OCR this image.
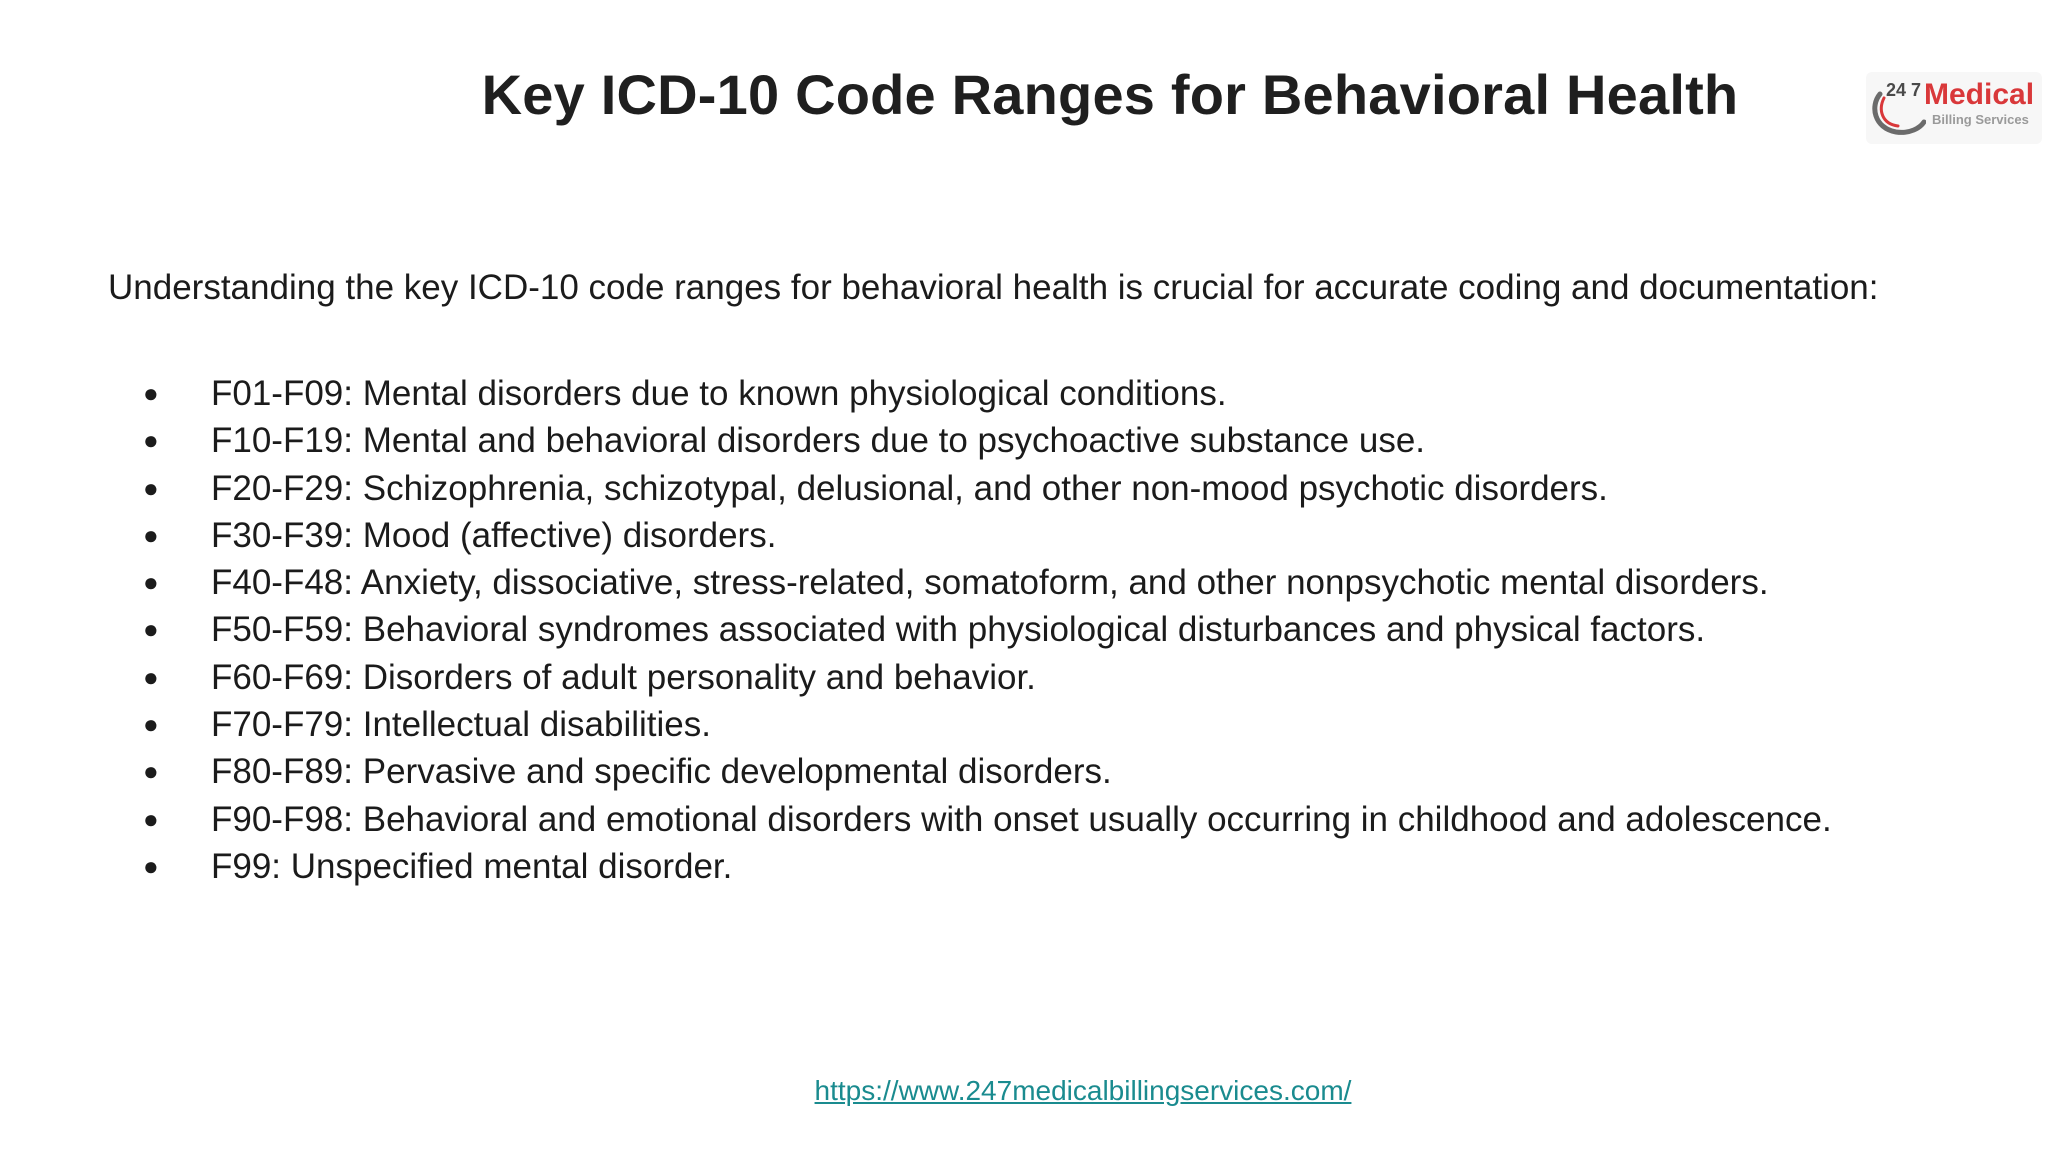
Key ICD-10 Code Ranges for Behavioral Health	24 7 Medical
Billing Services

Understanding the key ICD-10 code ranges for behavioral health is crucial for accurate coding and documentation:

● F01-F09: Mental disorders due to known physiological conditions.
● F10-F19: Mental and behavioral disorders due to psychoactive substance use.
● F20-F29: Schizophrenia, schizotypal, delusional, and other non-mood psychotic disorders.
● F30-F39: Mood (affective) disorders.
● F40-F48: Anxiety, dissociative, stress-related, somatoform, and other nonpsychotic mental disorders.
● F50-F59: Behavioral syndromes associated with physiological disturbances and physical factors.
● F60-F69: Disorders of adult personality and behavior.
● F70-F79: Intellectual disabilities.
● F80-F89: Pervasive and specific developmental disorders.
● F90-F98: Behavioral and emotional disorders with onset usually occurring in childhood and adolescence.
● F99: Unspecified mental disorder.
https://www.247medicalbillingservices.com/
